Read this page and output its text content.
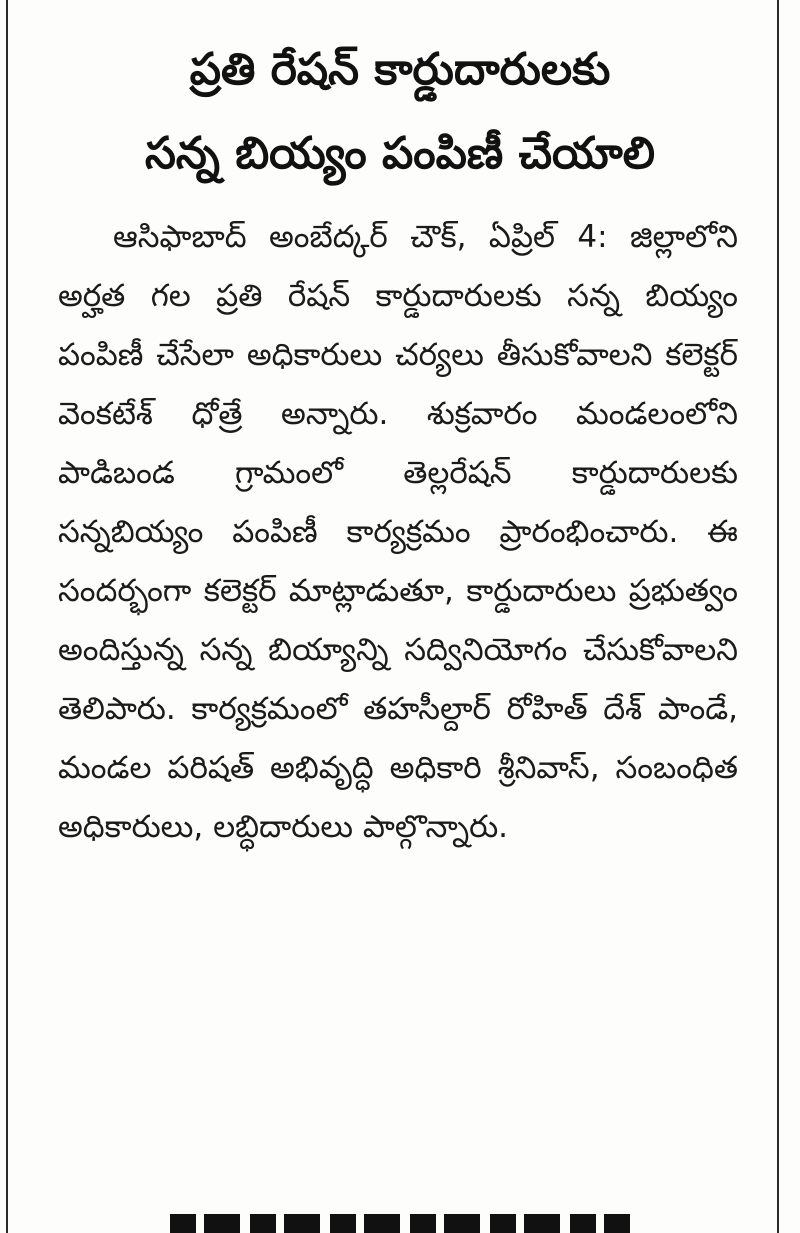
ప్రతి రేషన్ కార్డుదారులకు
సన్న బియ్యం పంపిణీ చేయాలి
ఆసిఫాబాద్ అంబేద్కర్ చౌక్, ఏప్రిల్ 4: జిల్లాలోని అర్హత గల ప్రతి రేషన్ కార్డుదారులకు సన్న బియ్యం పంపిణీ చేసేలా అధికారులు చర్యలు తీసుకోవాలని కలెక్టర్ వెంకటేశ్ ధోత్రే అన్నారు. శుక్రవారం మండలంలోని పాడిబండ గ్రామంలో తెల్లరేషన్ కార్డుదారులకు సన్నబియ్యం పంపిణీ కార్యక్రమం ప్రారంభించారు. ఈ సందర్భంగా కలెక్టర్ మాట్లాడుతూ, కార్డుదారులు ప్రభుత్వం అందిస్తున్న సన్న బియ్యాన్ని సద్వినియోగం చేసుకోవాలని తెలిపారు. కార్యక్రమంలో తహసీల్దార్ రోహిత్ దేశ్ పాండే, మండల పరిషత్ అభివృద్ధి అధికారి శ్రీనివాస్, సంబంధిత అధికారులు, లబ్ధిదారులు పాల్గొన్నారు.
